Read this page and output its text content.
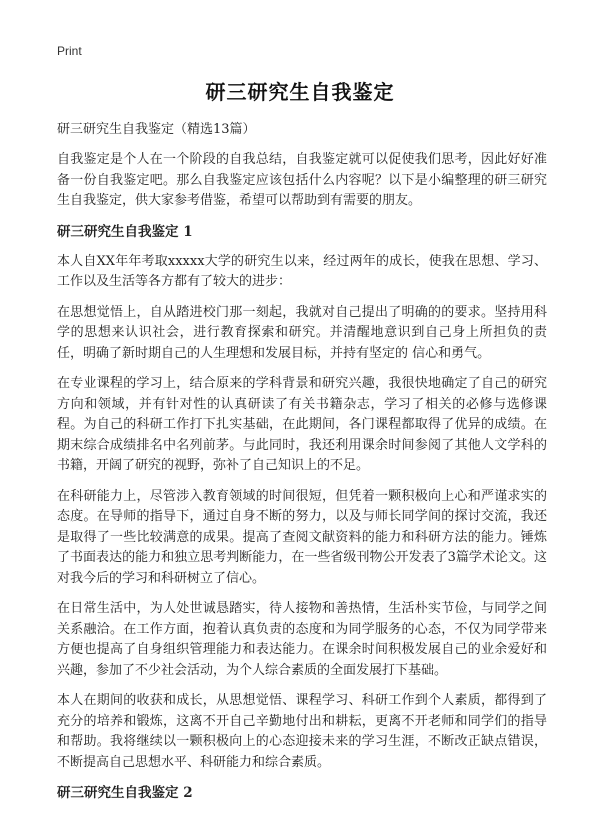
Print
研三研究生自我鉴定

研三研究生自我鉴定（精选13篇）

自我鉴定是个人在一个阶段的自我总结，自我鉴定就可以促使我们思考，因此好好准备一份自我鉴定吧。那么自我鉴定应该包括什么内容呢？以下是小编整理的研三研究生自我鉴定，供大家参考借鉴，希望可以帮助到有需要的朋友。

研三研究生自我鉴定 1

本人自XX年年考取xxxxx大学的研究生以来，经过两年的成长，使我在思想、学习、工作以及生活等各方都有了较大的进步：

在思想觉悟上，自从踏进校门那一刻起，我就对自己提出了明确的的要求。坚持用科学的思想来认识社会，进行教育探索和研究。并清醒地意识到自己身上所担负的责任，明确了新时期自己的人生理想和发展目标，并持有坚定的 信心和勇气。

在专业课程的学习上，结合原来的学科背景和研究兴趣，我很快地确定了自己的研究方向和领域，并有针对性的认真研读了有关书籍杂志，学习了相关的必修与选修课程。为自己的科研工作打下扎实基础，在此期间，各门课程都取得了优异的成绩。在期末综合成绩排名中名列前茅。与此同时，我还利用课余时间参阅了其他人文学科的书籍，开阔了研究的视野，弥补了自己知识上的不足。

在科研能力上，尽管涉入教育领域的时间很短，但凭着一颗积极向上心和严谨求实的态度。在导师的指导下，通过自身不断的努力，以及与师长同学间的探讨交流，我还是取得了一些比较满意的成果。提高了查阅文献资料的能力和科研方法的能力。锤炼了书面表达的能力和独立思考判断能力，在一些省级刊物公开发表了3篇学术论文。这对我今后的学习和科研树立了信心。

在日常生活中，为人处世诚恳踏实，待人接物和善热情，生活朴实节俭，与同学之间关系融洽。在工作方面，抱着认真负责的态度和为同学服务的心态，不仅为同学带来方便也提高了自身组织管理能力和表达能力。在课余时间积极发展自己的业余爱好和兴趣，参加了不少社会活动，为个人综合素质的全面发展打下基础。

本人在期间的收获和成长，从思想觉悟、课程学习、科研工作到个人素质，都得到了充分的培养和锻炼，这离不开自己辛勤地付出和耕耘，更离不开老师和同学们的指导和帮助。我将继续以一颗积极向上的心态迎接未来的学习生涯，不断改正缺点错误，不断提高自己思想水平、科研能力和综合素质。

研三研究生自我鉴定 2
